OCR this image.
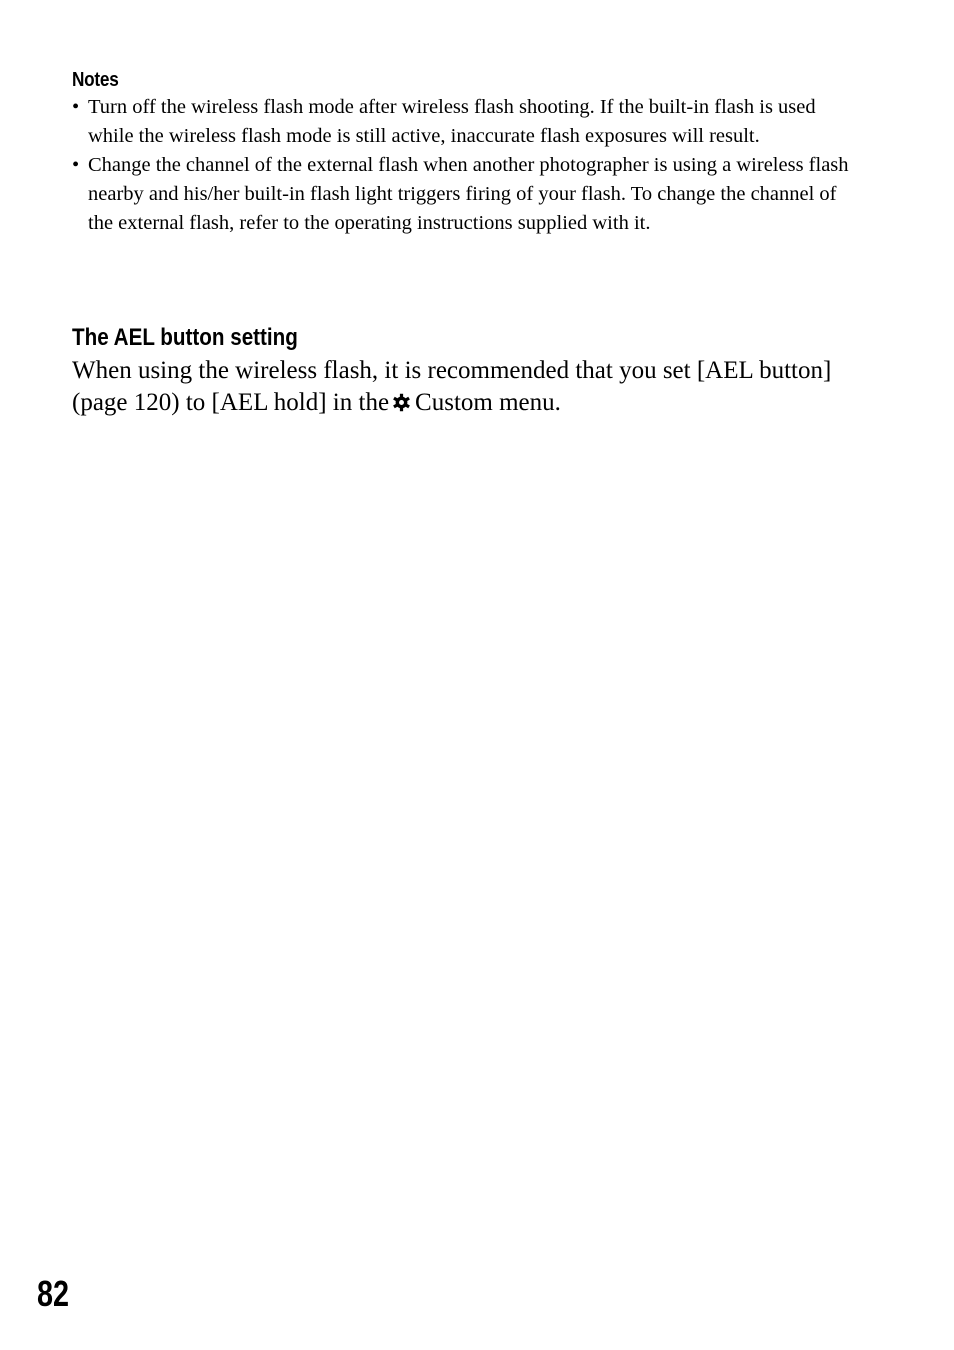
Notes
• Turn off the wireless flash mode after wireless flash shooting. If the built-in flash is used while the wireless flash mode is still active, inaccurate flash exposures will result.
• Change the channel of the external flash when another photographer is using a wireless flash nearby and his/her built-in flash light triggers firing of your flash. To change the channel of the external flash, refer to the operating instructions supplied with it.
The AEL button setting

When using the wireless flash, it is recommended that you set [AEL button] (page 120) to [AEL hold] in the Custom menu.

82
